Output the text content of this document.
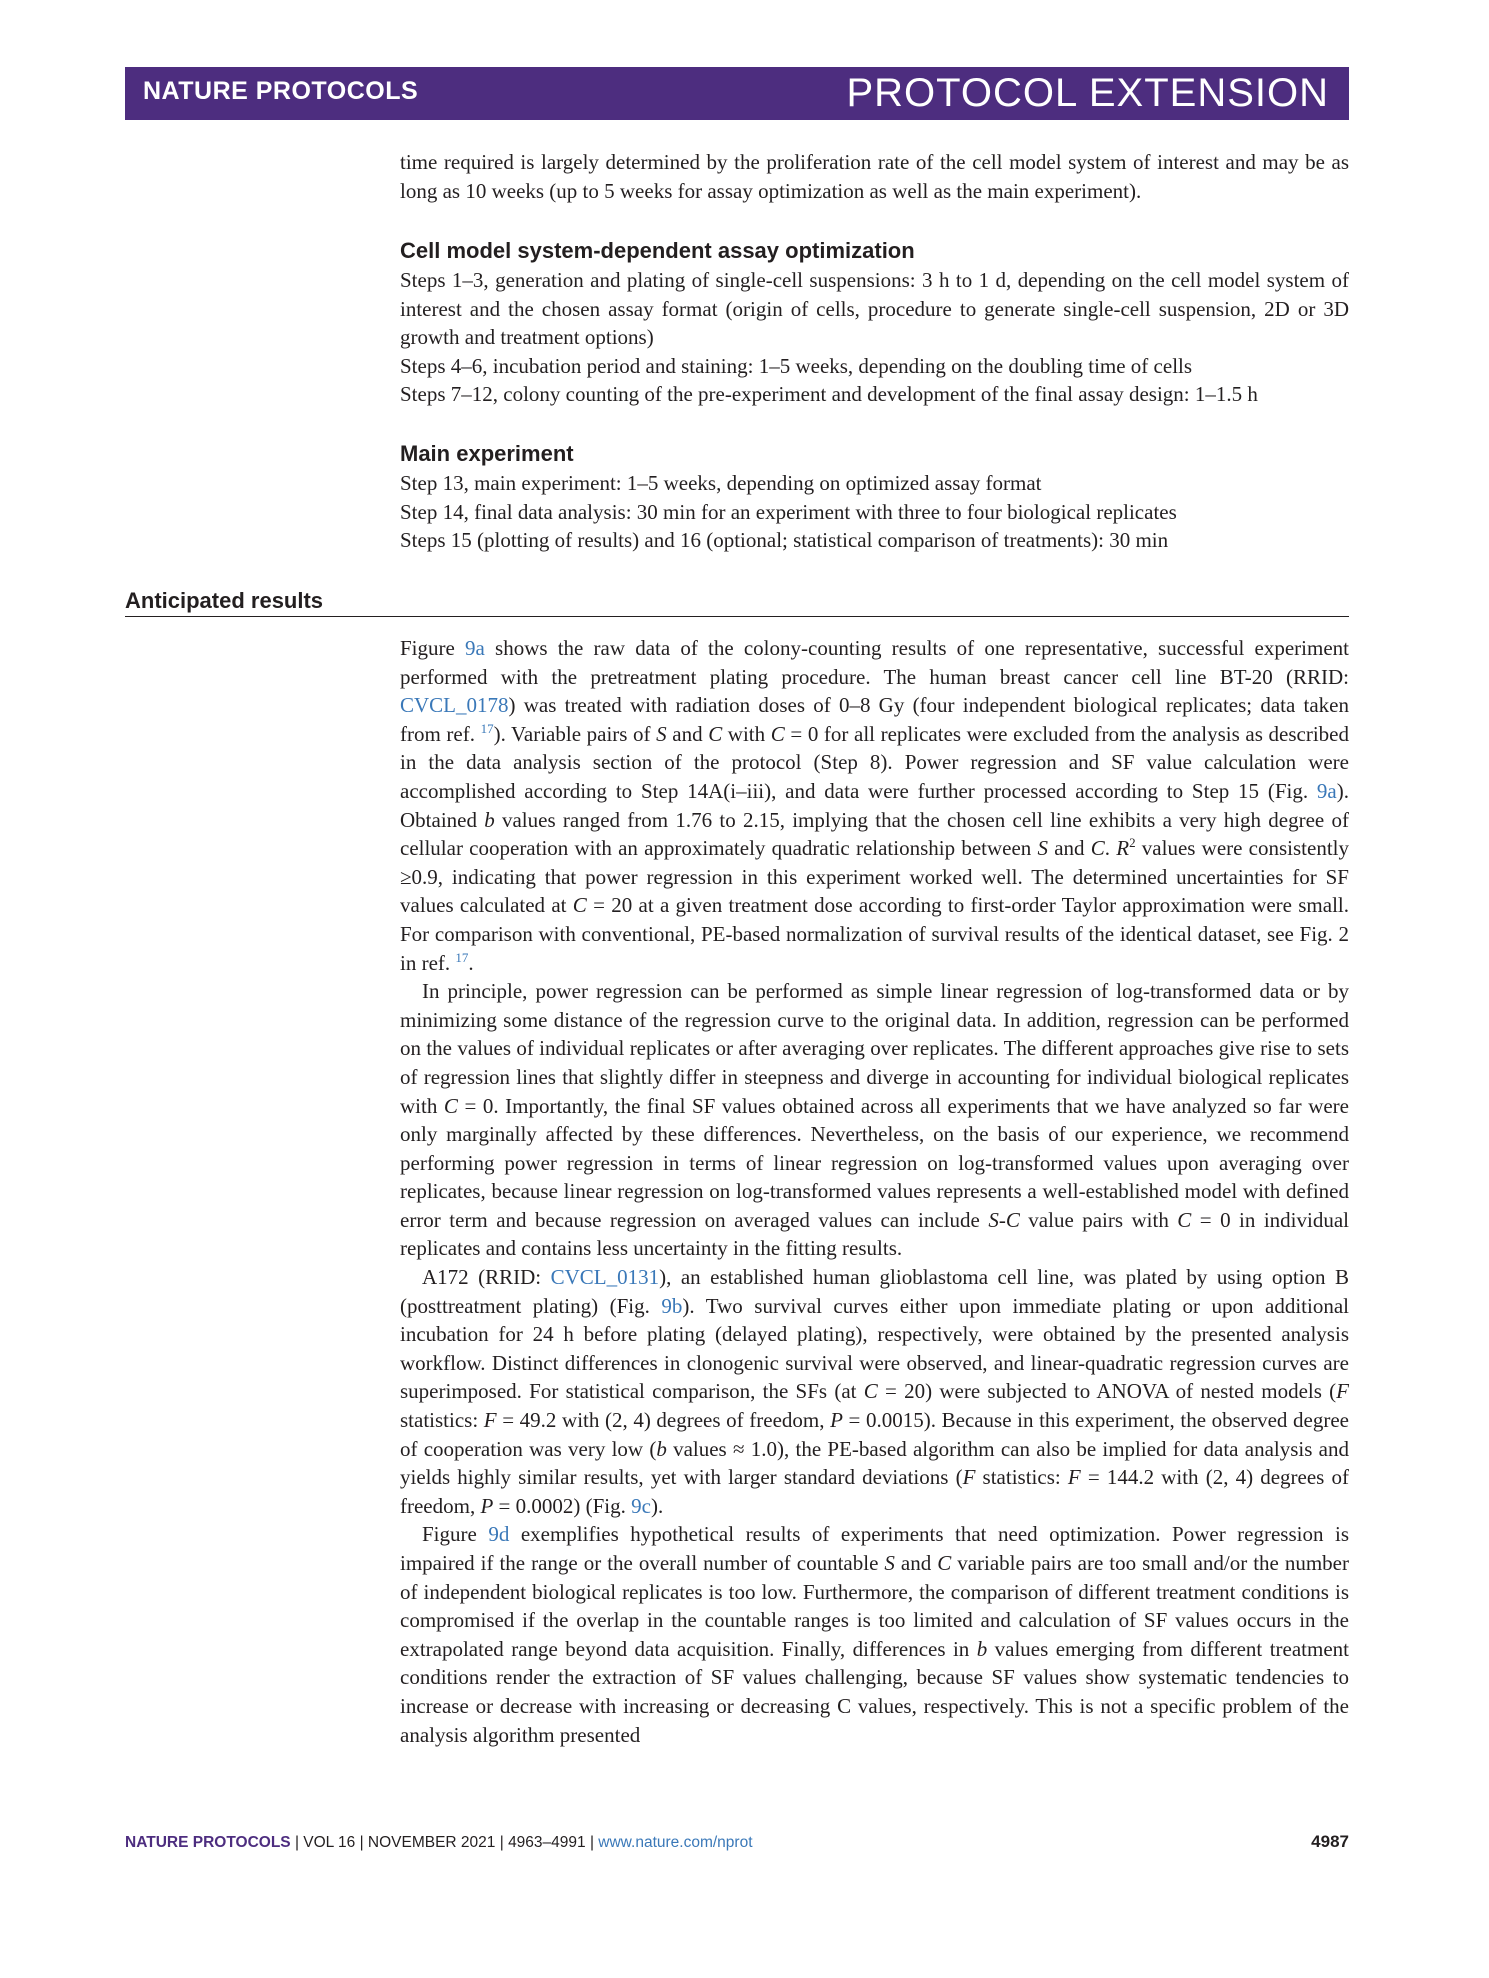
NATURE PROTOCOLS	PROTOCOL EXTENSION

time required is largely determined by the proliferation rate of the cell model system of interest and may be as long as 10 weeks (up to 5 weeks for assay optimization as well as the main experiment).

Cell model system-dependent assay optimization

Steps 1–3, generation and plating of single-cell suspensions: 3 h to 1 d, depending on the cell model system of interest and the chosen assay format (origin of cells, procedure to generate single-cell suspension, 2D or 3D growth and treatment options)

Steps 4–6, incubation period and staining: 1–5 weeks, depending on the doubling time of cells

Steps 7–12, colony counting of the pre-experiment and development of the final assay design: 1–1.5 h

Main experiment

Step 13, main experiment: 1–5 weeks, depending on optimized assay format

Step 14, final data analysis: 30 min for an experiment with three to four biological replicates

Steps 15 (plotting of results) and 16 (optional; statistical comparison of treatments): 30 min

Anticipated results

Figure 9a shows the raw data of the colony-counting results of one representative, successful experiment performed with the pretreatment plating procedure. The human breast cancer cell line BT-20 (RRID: CVCL_0178) was treated with radiation doses of 0–8 Gy (four independent biological replicates; data taken from ref. $^{17}$). Variable pairs of S and C with C = 0 for all replicates were excluded from the analysis as described in the data analysis section of the protocol (Step 8). Power regression and SF value calculation were accomplished according to Step 14A(i–iii), and data were further processed according to Step 15 (Fig. 9a). Obtained b values ranged from 1.76 to 2.15, implying that the chosen cell line exhibits a very high degree of cellular cooperation with an approximately quadratic relationship between S and C. $R^2$ values were consistently ≥0.9, indicating that power regression in this experiment worked well. The determined uncertainties for SF values calculated at C = 20 at a given treatment dose according to first-order Taylor approximation were small. For comparison with conventional, PE-based normalization of survival results of the identical dataset, see Fig. 2 in ref. $^{17}$.

In principle, power regression can be performed as simple linear regression of log-transformed data or by minimizing some distance of the regression curve to the original data. In addition, regression can be performed on the values of individual replicates or after averaging over replicates. The different approaches give rise to sets of regression lines that slightly differ in steepness and diverge in accounting for individual biological replicates with C = 0. Importantly, the final SF values obtained across all experiments that we have analyzed so far were only marginally affected by these differences. Nevertheless, on the basis of our experience, we recommend performing power regression in terms of linear regression on log-transformed values upon averaging over replicates, because linear regression on log-transformed values represents a well-established model with defined error term and because regression on averaged values can include S-C value pairs with C = 0 in individual replicates and contains less uncertainty in the fitting results.

A172 (RRID: CVCL_0131), an established human glioblastoma cell line, was plated by using option B (posttreatment plating) (Fig. 9b). Two survival curves either upon immediate plating or upon additional incubation for 24 h before plating (delayed plating), respectively, were obtained by the presented analysis workflow. Distinct differences in clonogenic survival were observed, and linear-quadratic regression curves are superimposed. For statistical comparison, the SFs (at C = 20) were subjected to ANOVA of nested models (F statistics: F = 49.2 with (2, 4) degrees of freedom, P = 0.0015). Because in this experiment, the observed degree of cooperation was very low (b values ≈ 1.0), the PE-based algorithm can also be implied for data analysis and yields highly similar results, yet with larger standard deviations (F statistics: F = 144.2 with (2, 4) degrees of freedom, P = 0.0002) (Fig. 9c).

Figure 9d exemplifies hypothetical results of experiments that need optimization. Power regression is impaired if the range or the overall number of countable S and C variable pairs are too small and/or the number of independent biological replicates is too low. Furthermore, the comparison of different treatment conditions is compromised if the overlap in the countable ranges is too limited and calculation of SF values occurs in the extrapolated range beyond data acquisition. Finally, differences in b values emerging from different treatment conditions render the extraction of SF values challenging, because SF values show systematic tendencies to increase or decrease with increasing or decreasing C values, respectively. This is not a specific problem of the analysis algorithm presented

NATURE PROTOCOLS | VOL 16 | NOVEMBER 2021 | 4963–4991 | www.nature.com/nprot	4987
